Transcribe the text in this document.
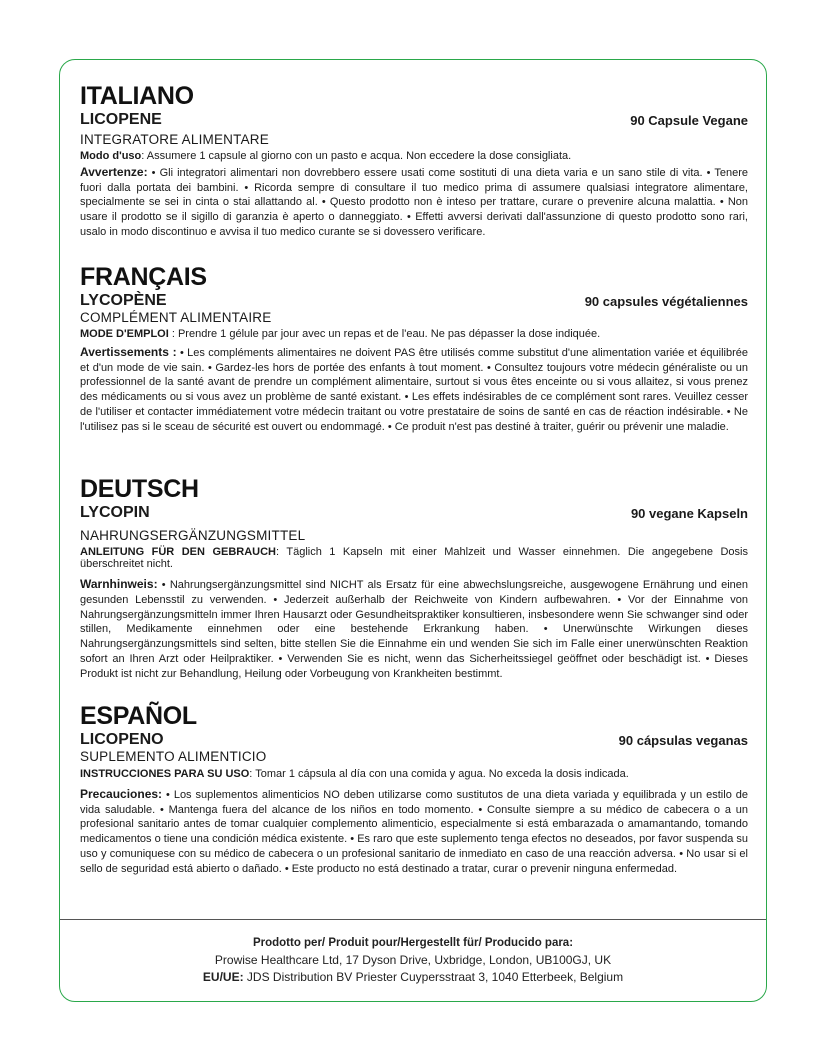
ITALIANO
LICOPENE	90 Capsule Vegane
INTEGRATORE ALIMENTARE

Modo d'uso: Assumere 1 capsule al giorno con un pasto e acqua. Non eccedere la dose consigliata.

Avvertenze: • Gli integratori alimentari non dovrebbero essere usati come sostituti di una dieta varia e un sano stile di vita. • Tenere fuori dalla portata dei bambini. • Ricorda sempre di consultare il tuo medico prima di assumere qualsiasi integratore alimentare, specialmente se sei in cinta o stai allattando al. • Questo prodotto non è inteso per trattare, curare o prevenire alcuna malattia. • Non usare il prodotto se il sigillo di garanzia è aperto o danneggiato. • Effetti avversi derivati dall'assunzione di questo prodotto sono rari, usalo in modo discontinuo e avvisa il tuo medico curante se si dovessero verificare.

FRANÇAIS
LYCOPÈNE	90 capsules végétaliennes
COMPLÉMENT ALIMENTAIRE

MODE D'EMPLOI : Prendre 1 gélule par jour avec un repas et de l'eau. Ne pas dépasser la dose indiquée.

Avertissements : • Les compléments alimentaires ne doivent PAS être utilisés comme substitut d'une alimentation variée et équilibrée et d'un mode de vie sain. • Gardez-les hors de portée des enfants à tout moment. • Consultez toujours votre médecin généraliste ou un professionnel de la santé avant de prendre un complément alimentaire, surtout si vous êtes enceinte ou si vous allaitez, si vous prenez des médicaments ou si vous avez un problème de santé existant. • Les effets indésirables de ce complément sont rares. Veuillez cesser de l'utiliser et contacter immédiatement votre médecin traitant ou votre prestataire de soins de santé en cas de réaction indésirable. • Ne l'utilisez pas si le sceau de sécurité est ouvert ou endommagé. • Ce produit n'est pas destiné à traiter, guérir ou prévenir une maladie.

DEUTSCH
LYCOPIN	90 vegane Kapseln
NAHRUNGSERGÄNZUNGSMITTEL

ANLEITUNG FÜR DEN GEBRAUCH: Täglich 1 Kapseln mit einer Mahlzeit und Wasser einnehmen. Die angegebene Dosis überschreitet nicht.

Warnhinweis: • Nahrungsergänzungsmittel sind NICHT als Ersatz für eine abwechslungsreiche, ausgewogene Ernährung und einen gesunden Lebensstil zu verwenden. • Jederzeit außerhalb der Reichweite von Kindern aufbewahren. • Vor der Einnahme von Nahrungsergänzungsmitteln immer Ihren Hausarzt oder Gesundheitspraktiker konsultieren, insbesondere wenn Sie schwanger sind oder stillen, Medikamente einnehmen oder eine bestehende Erkrankung haben. • Unerwünschte Wirkungen dieses Nahrungsergänzungsmittels sind selten, bitte stellen Sie die Einnahme ein und wenden Sie sich im Falle einer unerwünschten Reaktion sofort an Ihren Arzt oder Heilpraktiker. • Verwenden Sie es nicht, wenn das Sicherheitssiegel geöffnet oder beschädigt ist. • Dieses Produkt ist nicht zur Behandlung, Heilung oder Vorbeugung von Krankheiten bestimmt.

ESPAÑOL
LICOPENO	90 cápsulas veganas
SUPLEMENTO ALIMENTICIO

INSTRUCCIONES PARA SU USO: Tomar 1 cápsula al día con una comida y agua. No exceda la dosis indicada.

Precauciones: • Los suplementos alimenticios NO deben utilizarse como sustitutos de una dieta variada y equilibrada y un estilo de vida saludable. • Mantenga fuera del alcance de los niños en todo momento. • Consulte siempre a su médico de cabecera o a un profesional sanitario antes de tomar cualquier complemento alimenticio, especialmente si está embarazada o amamantando, tomando medicamentos o tiene una condición médica existente. • Es raro que este suplemento tenga efectos no deseados, por favor suspenda su uso y comuniquese con su médico de cabecera o un profesional sanitario de inmediato en caso de una reacción adversa. • No usar si el sello de seguridad está abierto o dañado. • Este producto no está destinado a tratar, curar o prevenir ninguna enfermedad.

Prodotto per/ Produit pour/Hergestellt für/ Producido para:
Prowise Healthcare Ltd, 17 Dyson Drive, Uxbridge, London, UB100GJ, UK
EU/UE: JDS Distribution BV Priester Cuypersstraat 3, 1040 Etterbeek, Belgium
